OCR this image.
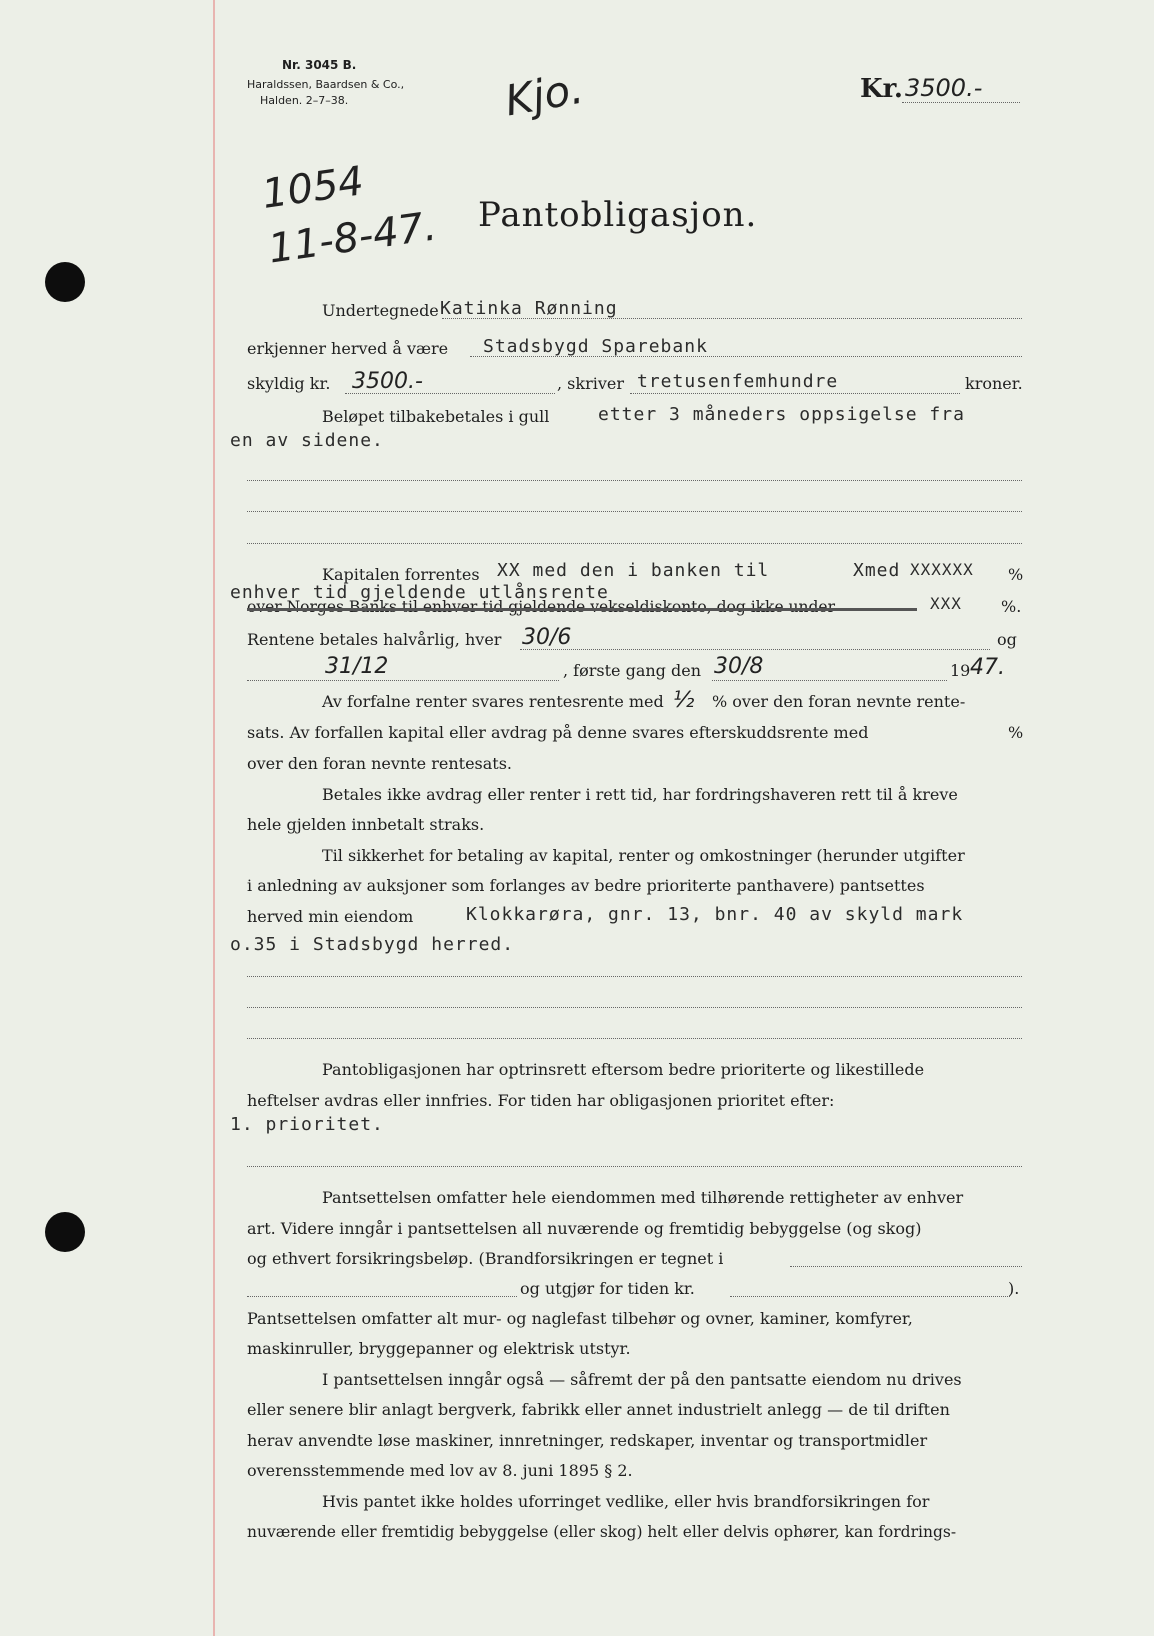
Nr. 3045 B.
Haraldssen, Baardsen & Co.,
Halden. 2–7–38.
1054
11-8-47.
Kjo.	Kr. 3500.-
Pantobligasjon.
Undertegnede Katinka Rønning
erkjenner herved å være Stadsbygd Sparebank
skyldig kr. 3500.-	, skriver tretusenfemhundre	kroner.
Beløpet tilbakebetales i gull	etter 3 måneders oppsigelse fra
en av sidene.
Kapitalen forrentes XX med den i banken til	Xmed XXXXXX %
enhver tid gjeldende utlånsrente
over Norges Banks til enhver tid gjeldende vekseldiskonto, dog ikke under	XXX %.
Rentene betales halvårlig, hver 30/6	og
31/12	, første gang den 30/8	19 47.
Av forfalne renter svares rentesrente med ½ % over den foran nevnte rente-
sats. Av forfallen kapital eller avdrag på denne svares efterskuddsrente med	%
over den foran nevnte rentesats.
Betales ikke avdrag eller renter i rett tid, har fordringshaveren rett til å kreve
hele gjelden innbetalt straks.
Til sikkerhet for betaling av kapital, renter og omkostninger (herunder utgifter
i anledning av auksjoner som forlanges av bedre prioriterte panthavere) pantsettes
herved min eiendom	Klokkarøra, gnr. 13, bnr. 40 av skyld mark
o.35 i Stadsbygd herred.
Pantobligasjonen har optrinsrett eftersom bedre prioriterte og likestillede
heftelser avdras eller innfries. For tiden har obligasjonen prioritet efter:
1. prioritet.
Pantsettelsen omfatter hele eiendommen med tilhørende rettigheter av enhver
art. Videre inngår i pantsettelsen all nuværende og fremtidig bebyggelse (og skog)
og ethvert forsikringsbeløp. (Brandforsikringen er tegnet i
og utgjør for tiden kr.	).
Pantsettelsen omfatter alt mur- og naglefast tilbehør og ovner, kaminer, komfyrer,
maskinruller, bryggepanner og elektrisk utstyr.
I pantsettelsen inngår også — såfremt der på den pantsatte eiendom nu drives
eller senere blir anlagt bergverk, fabrikk eller annet industrielt anlegg — de til driften
herav anvendte løse maskiner, innretninger, redskaper, inventar og transportmidler
overensstemmende med lov av 8. juni 1895 § 2.
Hvis pantet ikke holdes uforringet vedlike, eller hvis brandforsikringen for
nuværende eller fremtidig bebyggelse (eller skog) helt eller delvis ophører, kan fordrings-
